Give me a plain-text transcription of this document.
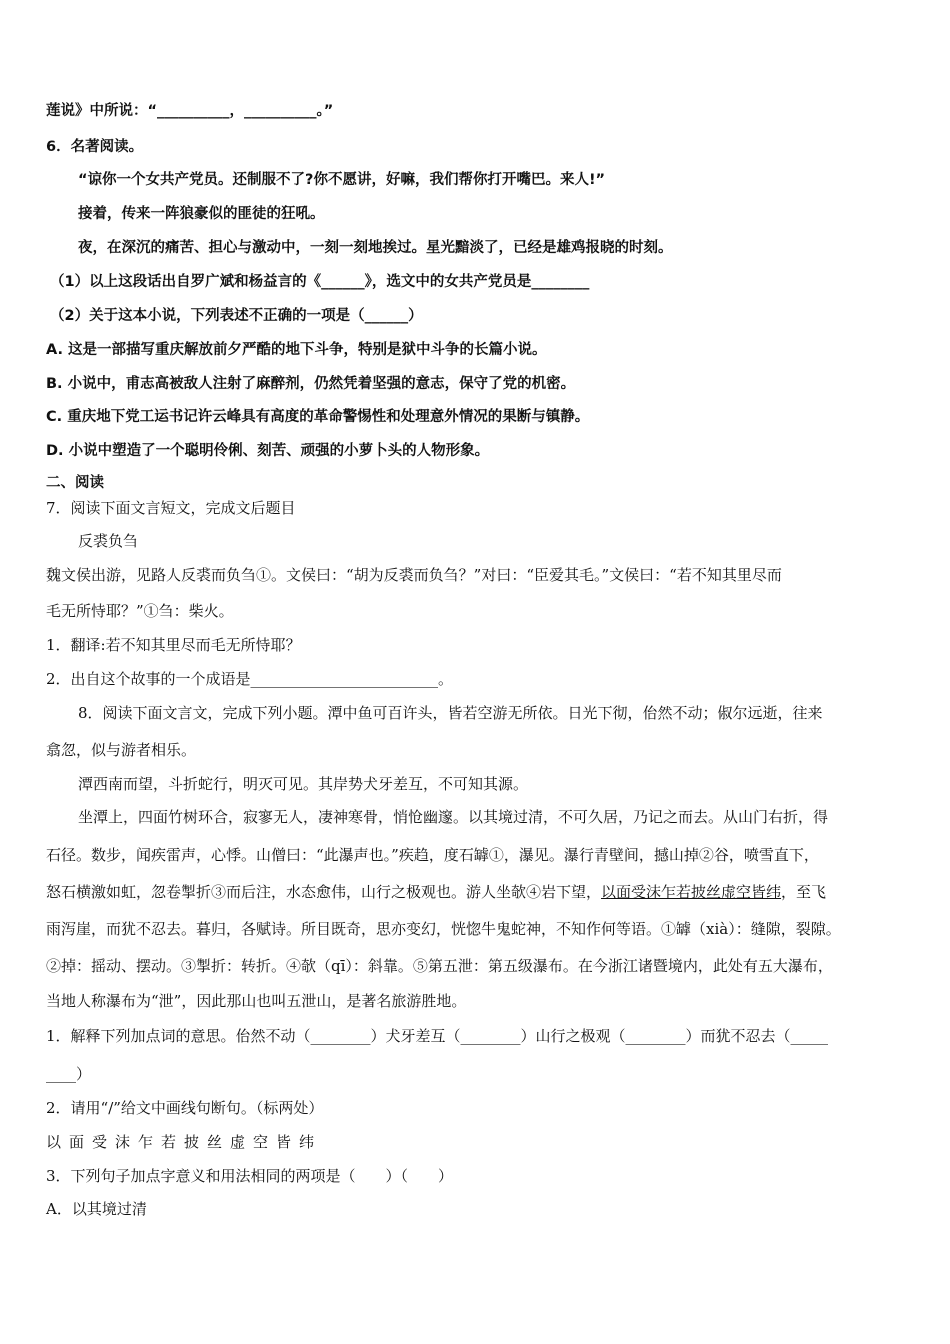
莲说》中所说：“__________，__________。”
6．名著阅读。
“谅你一个女共产党员。还制服不了?你不愿讲，好嘛，我们帮你打开嘴巴。来人!”
接着，传来一阵狼豪似的匪徒的狂吼。
夜，在深沉的痛苦、担心与激动中，一刻一刻地挨过。星光黯淡了，已经是雄鸡报晓的时刻。
（1）以上这段话出自罗广斌和杨益言的《______》，选文中的女共产党员是________
（2）关于这本小说，下列表述不正确的一项是（______）
A. 这是一部描写重庆解放前夕严酷的地下斗争，特别是狱中斗争的长篇小说。
B. 小说中，甫志高被敌人注射了麻醉剂，仍然凭着坚强的意志，保守了党的机密。
C. 重庆地下党工运书记许云峰具有高度的革命警惕性和处理意外情况的果断与镇静。
D. 小说中塑造了一个聪明伶俐、刻苦、顽强的小萝卜头的人物形象。
二、阅读
7．阅读下面文言短文，完成文后题目
反裘负刍
魏文侯出游，见路人反裘而负刍①。文侯曰：“胡为反裘而负刍？”对曰：“臣爱其毛。”文侯曰：“若不知其里尽而
毛无所恃耶？”①刍：柴火。
1．翻译:若不知其里尽而毛无所恃耶？
2．出自这个故事的一个成语是_________________________。
8．阅读下面文言文，完成下列小题。潭中鱼可百许头，皆若空游无所依。日光下彻，佁然不动；俶尔远逝，往来
翕忽，似与游者相乐。
潭西南而望，斗折蛇行，明灭可见。其岸势犬牙差互，不可知其源。
坐潭上，四面竹树环合，寂寥无人，凄神寒骨，悄怆幽邃。以其境过清，不可久居，乃记之而去。从山门右折，得
石径。数步，闻疾雷声，心悸。山僧曰：“此瀑声也。”疾趋，度石罅①，瀑见。瀑行青壁间，撼山掉②谷，喷雪直下，
怒石横激如虹，忽卷掣折③而后注，水态愈伟，山行之极观也。游人坐欹④岩下望，以面受沫乍若披丝虚空皆纬，至飞
雨泻崖，而犹不忍去。暮归，各赋诗。所目既奇，思亦变幻，恍惚牛鬼蛇神，不知作何等语。①罅（xià）：缝隙，裂隙。
②掉：摇动、摆动。③掣折：转折。④欹（qī）：斜靠。⑤第五泄：第五级瀑布。在今浙江诸暨境内，此处有五大瀑布，
当地人称瀑布为“泄”，因此那山也叫五泄山，是著名旅游胜地。
1．解释下列加点词的意思。佁然不动（________）犬牙差互（________）山行之极观（________）而犹不忍去（_____
____）
2．请用“/”给文中画线句断句。（标两处）
以面受沫乍若披丝虚空皆纬
3．下列句子加点字意义和用法相同的两项是（　　）（　　）
A．以其境过清
